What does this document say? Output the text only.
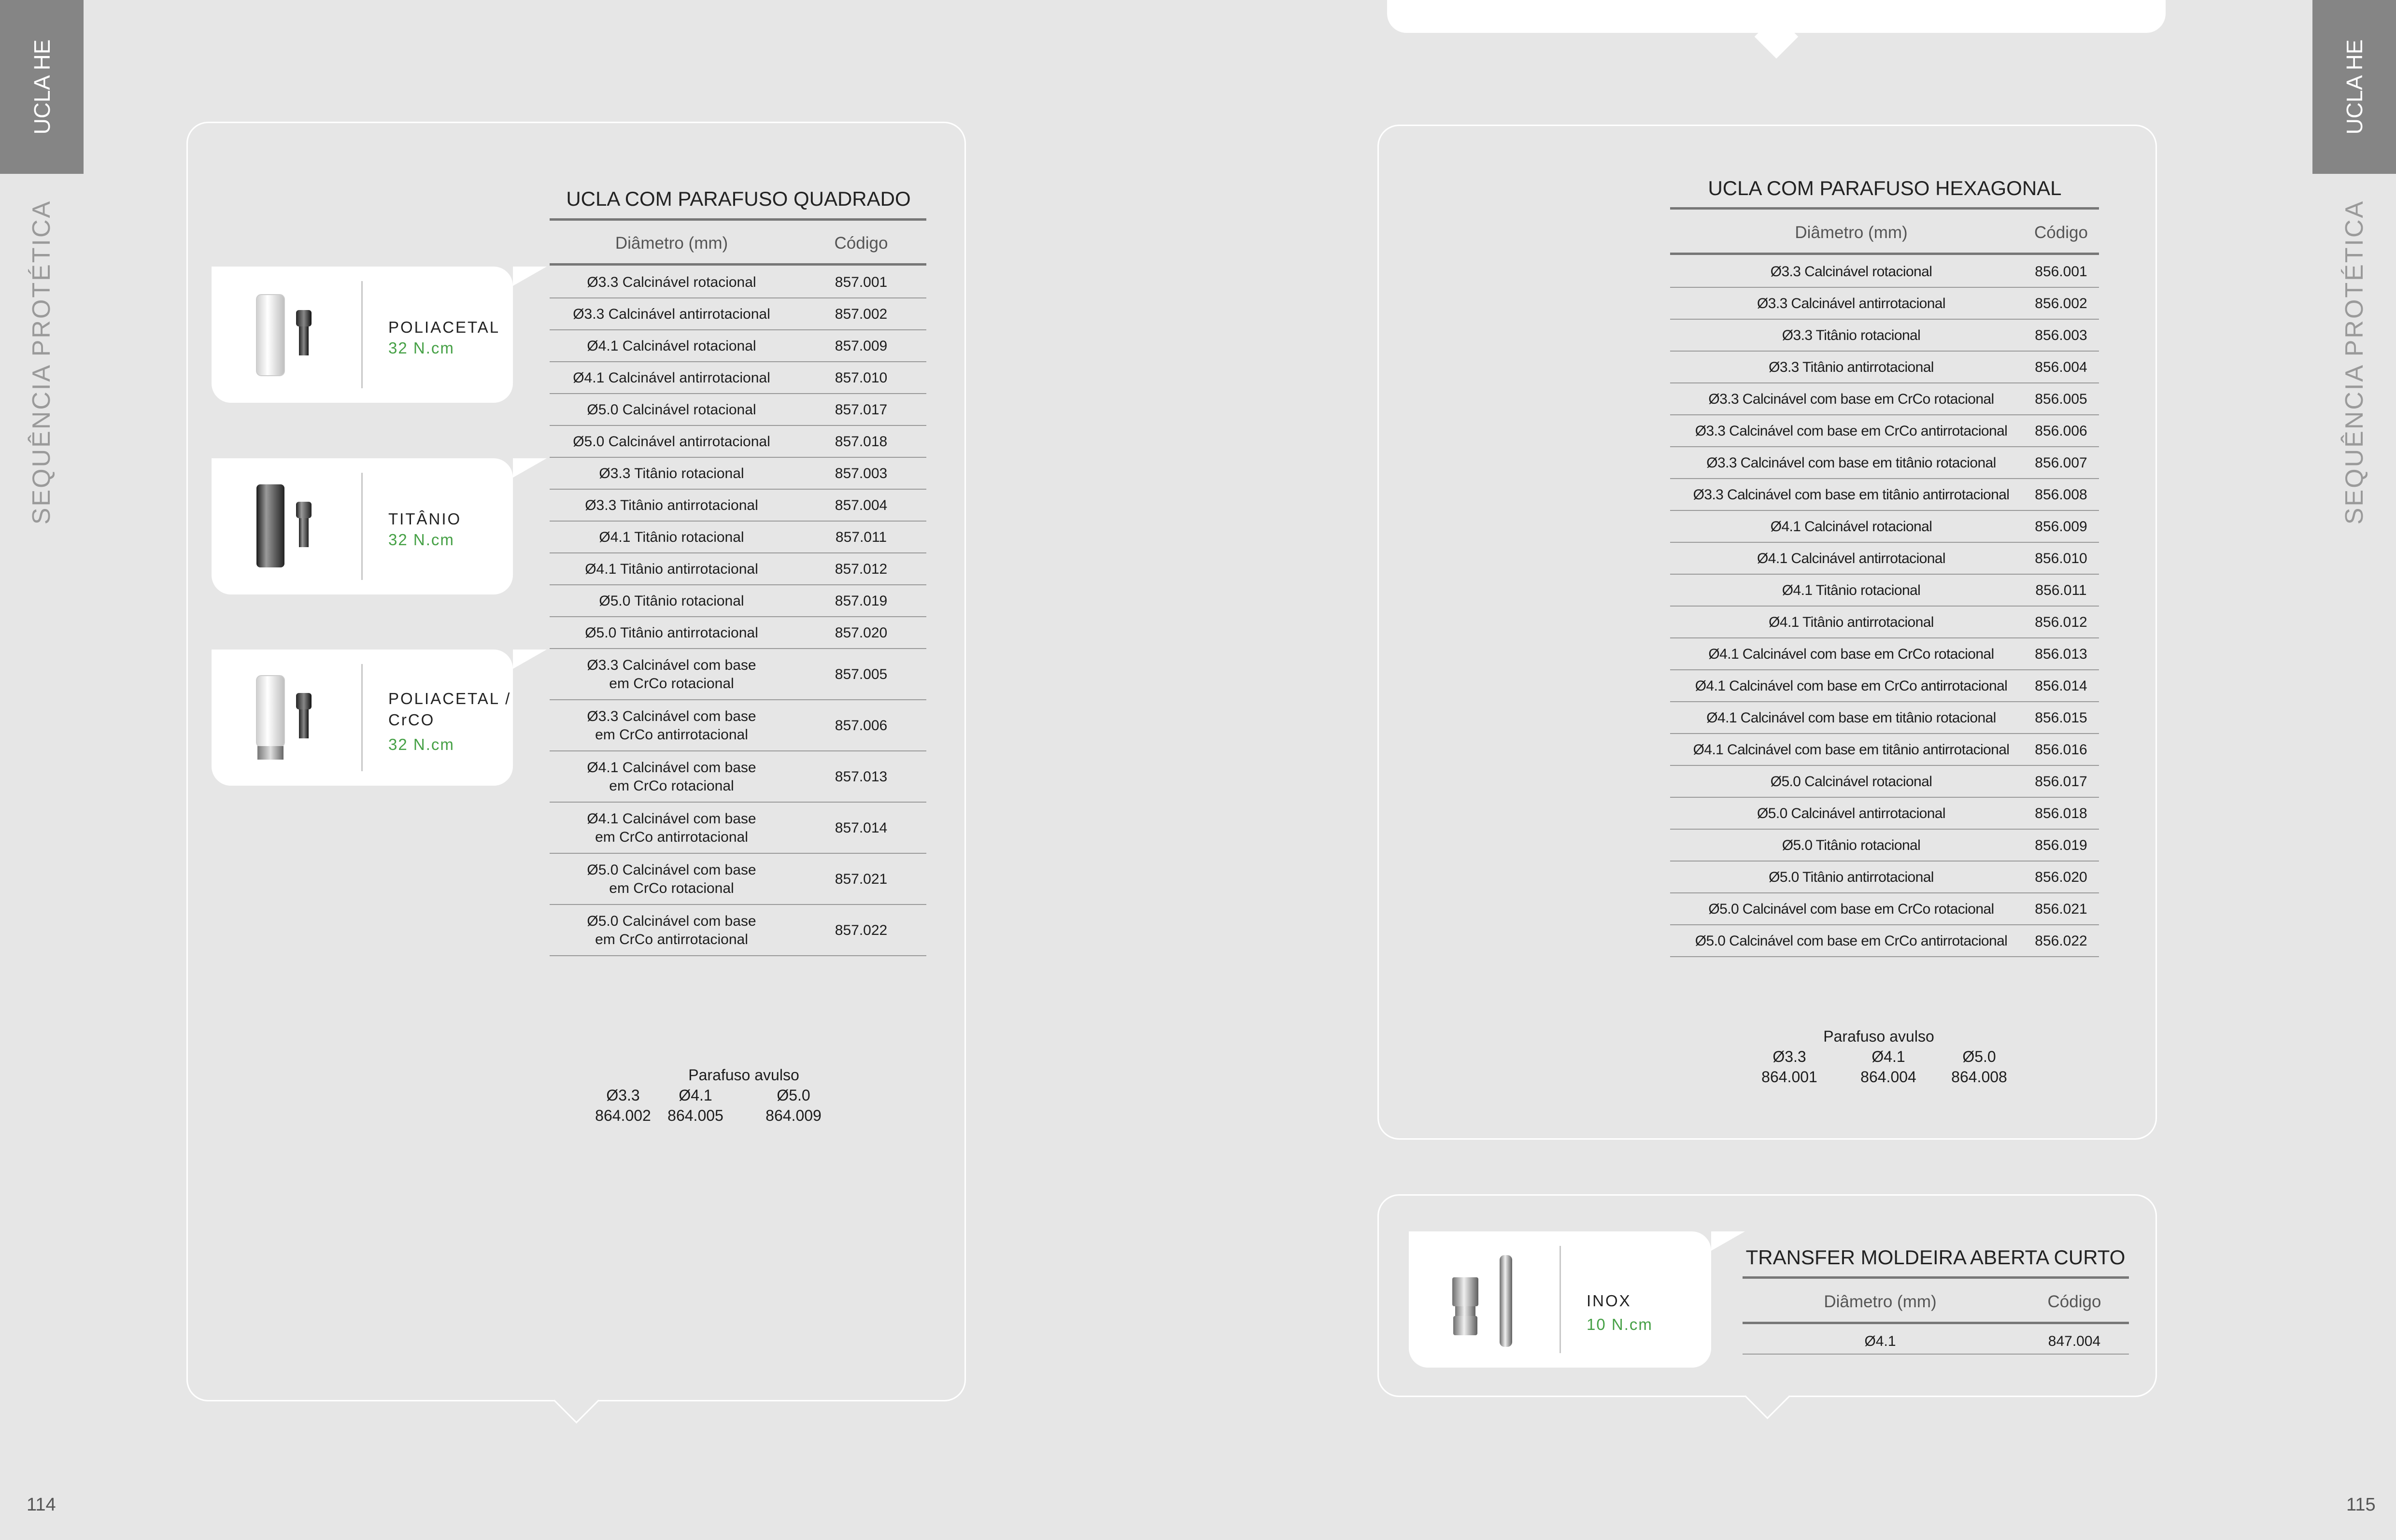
UCLA HE	UCLA HE
SEQUÊNCIA PROTÉTICA	SEQUÊNCIA PROTÉTICA
114	115
POLIACETAL
32 N.cm
TITÂNIO
32 N.cm
POLIACETAL /
CrCO
32 N.cm
UCLA COM PARAFUSO QUADRADO
Diâmetro (mm)	Código
Ø3.3 Calcinável rotacional	857.001
Ø3.3 Calcinável antirrotacional	857.002
Ø4.1 Calcinável rotacional	857.009
Ø4.1 Calcinável antirrotacional	857.010
Ø5.0 Calcinável rotacional	857.017
Ø5.0 Calcinável antirrotacional	857.018
Ø3.3 Titânio rotacional	857.003
Ø3.3 Titânio antirrotacional	857.004
Ø4.1 Titânio rotacional	857.011
Ø4.1 Titânio antirrotacional	857.012
Ø5.0 Titânio rotacional	857.019
Ø5.0 Titânio antirrotacional	857.020
Ø3.3 Calcinável com base
em CrCo rotacional
857.005
Ø3.3 Calcinável com base
em CrCo antirrotacional
857.006
Ø4.1 Calcinável com base
em CrCo rotacional
857.013
Ø4.1 Calcinável com base
em CrCo antirrotacional
857.014
Ø5.0 Calcinável com base
em CrCo rotacional
857.021
Ø5.0 Calcinável com base
em CrCo antirrotacional
857.022
Parafuso avulso
Ø3.3	Ø4.1	Ø5.0
864.002	864.005	864.009
UCLA COM PARAFUSO HEXAGONAL
Diâmetro (mm)	Código
Ø3.3 Calcinável rotacional	856.001
Ø3.3 Calcinável antirrotacional	856.002
Ø3.3 Titânio rotacional	856.003
Ø3.3 Titânio antirrotacional	856.004
Ø3.3 Calcinável com base em CrCo rotacional	856.005
Ø3.3 Calcinável com base em CrCo antirrotacional	856.006
Ø3.3 Calcinável com base em titânio rotacional	856.007
Ø3.3 Calcinável com base em titânio antirrotacional	856.008
Ø4.1 Calcinável rotacional	856.009
Ø4.1 Calcinável antirrotacional	856.010
Ø4.1 Titânio rotacional	856.011
Ø4.1 Titânio antirrotacional	856.012
Ø4.1 Calcinável com base em CrCo rotacional	856.013
Ø4.1 Calcinável com base em CrCo antirrotacional	856.014
Ø4.1 Calcinável com base em titânio rotacional	856.015
Ø4.1 Calcinável com base em titânio antirrotacional	856.016
Ø5.0 Calcinável rotacional	856.017
Ø5.0 Calcinável antirrotacional	856.018
Ø5.0 Titânio rotacional	856.019
Ø5.0 Titânio antirrotacional	856.020
Ø5.0 Calcinável com base em CrCo rotacional	856.021
Ø5.0 Calcinável com base em CrCo antirrotacional	856.022
Parafuso avulso
Ø3.3	Ø4.1	Ø5.0
864.001	864.004	864.008
INOX
10 N.cm
TRANSFER MOLDEIRA ABERTA CURTO
Diâmetro (mm)	Código
Ø4.1	847.004
